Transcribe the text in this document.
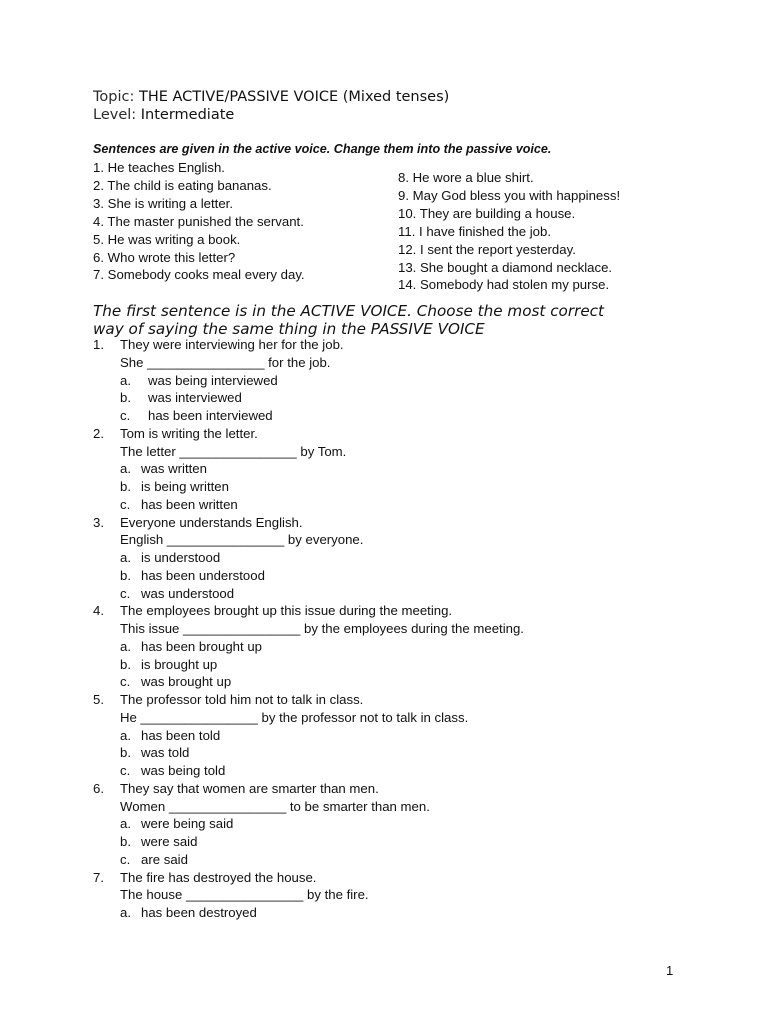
Topic: THE ACTIVE/PASSIVE VOICE (Mixed tenses)
Level: Intermediate
Sentences are given in the active voice. Change them into the passive voice.
1. He teaches English.
2. The child is eating bananas.
3. She is writing a letter.
4. The master punished the servant.
5. He was writing a book.
6. Who wrote this letter?
7. Somebody cooks meal every day.
8. He wore a blue shirt.
9. May God bless you with happiness!
10. They are building a house.
11. I have finished the job.
12. I sent the report yesterday.
13. She bought a diamond necklace.
14. Somebody had stolen my purse.
The first sentence is in the ACTIVE VOICE. Choose the most correct
way of saying the same thing in the PASSIVE VOICE
1. They were interviewing her for the job.
She ________________ for the job.
a. was being interviewed
b. was interviewed
c. has been interviewed
2. Tom is writing the letter.
The letter ________________ by Tom.
a. was written
b. is being written
c. has been written
3. Everyone understands English.
English ________________ by everyone.
a. is understood
b. has been understood
c. was understood
4. The employees brought up this issue during the meeting.
This issue ________________ by the employees during the meeting.
a. has been brought up
b. is brought up
c. was brought up
5. The professor told him not to talk in class.
He ________________ by the professor not to talk in class.
a. has been told
b. was told
c. was being told
6. They say that women are smarter than men.
Women ________________ to be smarter than men.
a. were being said
b. were said
c. are said
7. The fire has destroyed the house.
The house ________________ by the fire.
a. has been destroyed
1
